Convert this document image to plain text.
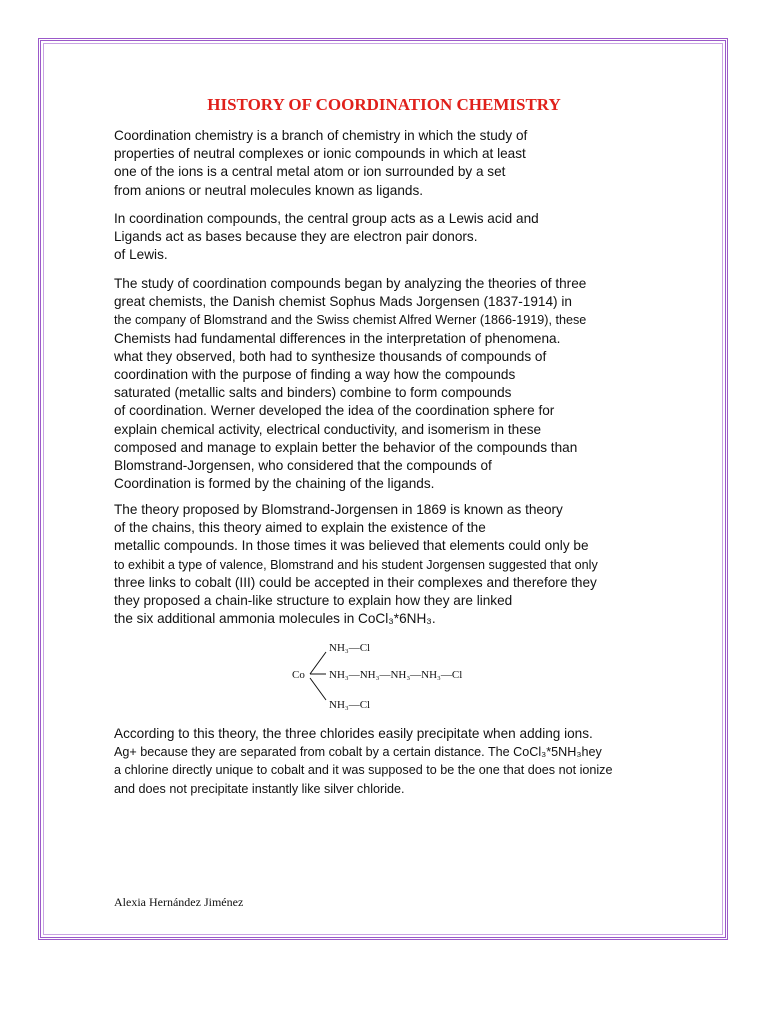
HISTORY OF COORDINATION CHEMISTRY

Coordination chemistry is a branch of chemistry in which the study of
properties of neutral complexes or ionic compounds in which at least
one of the ions is a central metal atom or ion surrounded by a set
from anions or neutral molecules known as ligands.

In coordination compounds, the central group acts as a Lewis acid and
Ligands act as bases because they are electron pair donors.
of Lewis.

The study of coordination compounds began by analyzing the theories of three
great chemists, the Danish chemist Sophus Mads Jorgensen (1837-1914) in
the company of Blomstrand and the Swiss chemist Alfred Werner (1866-1919), these
Chemists had fundamental differences in the interpretation of phenomena.
what they observed, both had to synthesize thousands of compounds of
coordination with the purpose of finding a way how the compounds
saturated (metallic salts and binders) combine to form compounds
of coordination. Werner developed the idea of the coordination sphere for
explain chemical activity, electrical conductivity, and isomerism in these
composed and manage to explain better the behavior of the compounds than
Blomstrand-Jorgensen, who considered that the compounds of
Coordination is formed by the chaining of the ligands.

The theory proposed by Blomstrand-Jorgensen in 1869 is known as theory
of the chains, this theory aimed to explain the existence of the
metallic compounds. In those times it was believed that elements could only be
to exhibit a type of valence, Blomstrand and his student Jorgensen suggested that only
three links to cobalt (III) could be accepted in their complexes and therefore they
they proposed a chain-like structure to explain how they are linked
the six additional ammonia molecules in CoCl₃*6NH₃.

Co
NH₃—Cl
NH₃—NH₃—NH₃—NH₃—Cl
NH₃—Cl

According to this theory, the three chlorides easily precipitate when adding ions.
Ag+ because they are separated from cobalt by a certain distance. The CoCl₃*5NH₃hey
a chlorine directly unique to cobalt and it was supposed to be the one that does not ionize
and does not precipitate instantly like silver chloride.

Alexia Hernández Jiménez
